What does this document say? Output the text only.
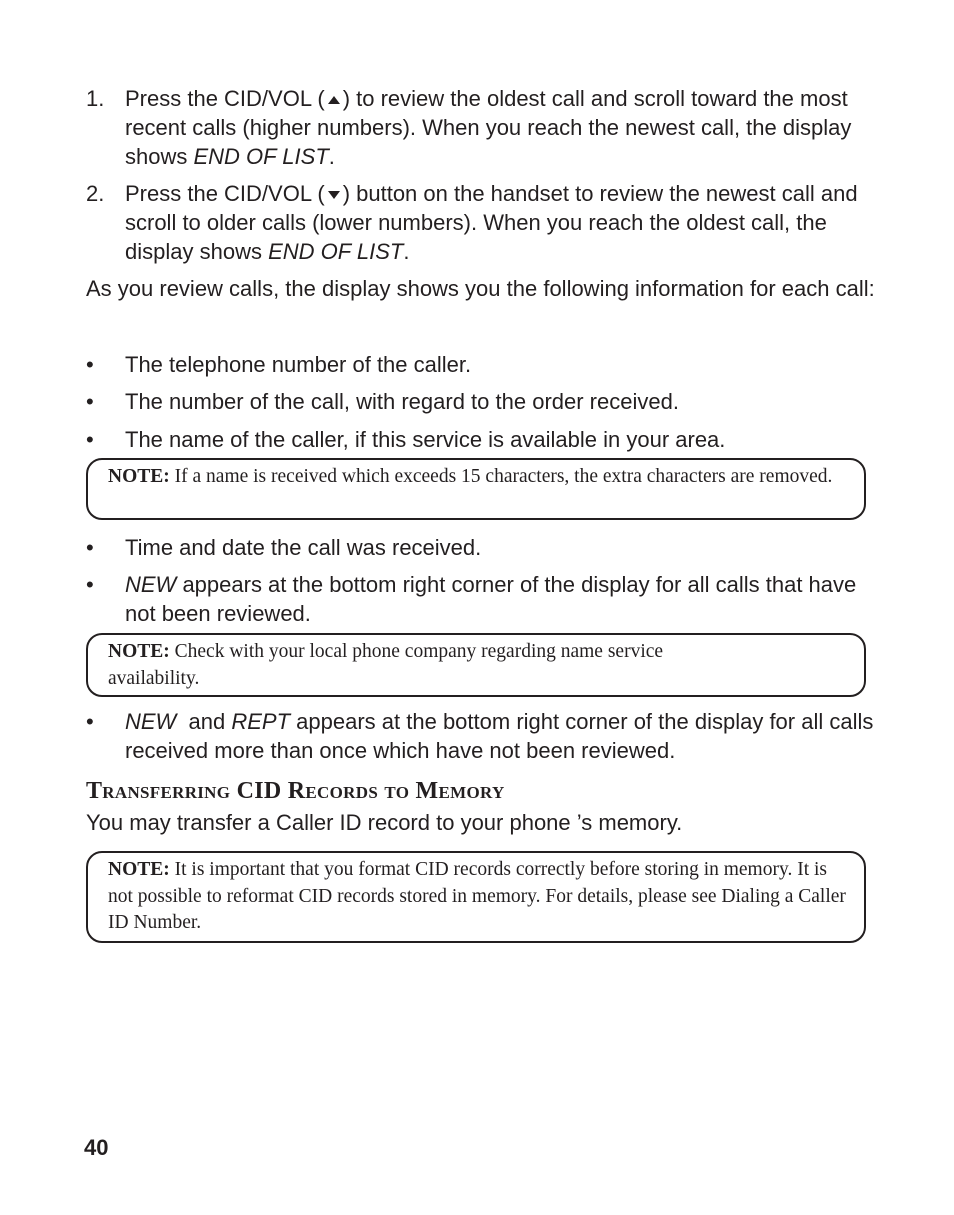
1. Press the CID/VOL ( ) to review the oldest call and scroll toward the most recent calls (higher numbers). When you reach the newest call, the display shows END OF LIST.
2. Press the CID/VOL ( ) button on the handset to review the newest call and scroll to older calls (lower numbers). When you reach the oldest call, the display shows END OF LIST.
As you review calls, the display shows you the following information for each call:
• The telephone number of the caller.
• The number of the call, with regard to the order received.
• The name of the caller, if this service is available in your area.
NOTE: If a name is received which exceeds 15 characters, the extra characters are removed.
• Time and date the call was received.
• NEW appears at the bottom right corner of the display for all calls that have not been reviewed.
NOTE: Check with your local phone company regarding name service availability.
• NEW  and REPT appears at the bottom right corner of the display for all calls received more than once which have not been reviewed.
Transferring CID Records to Memory
You may transfer a Caller ID record to your phone ’s memory.
NOTE: It is important that you format CID records correctly before storing in memory. It is not possible to reformat CID records stored in memory. For details, please see Dialing a Caller ID Number.
40
